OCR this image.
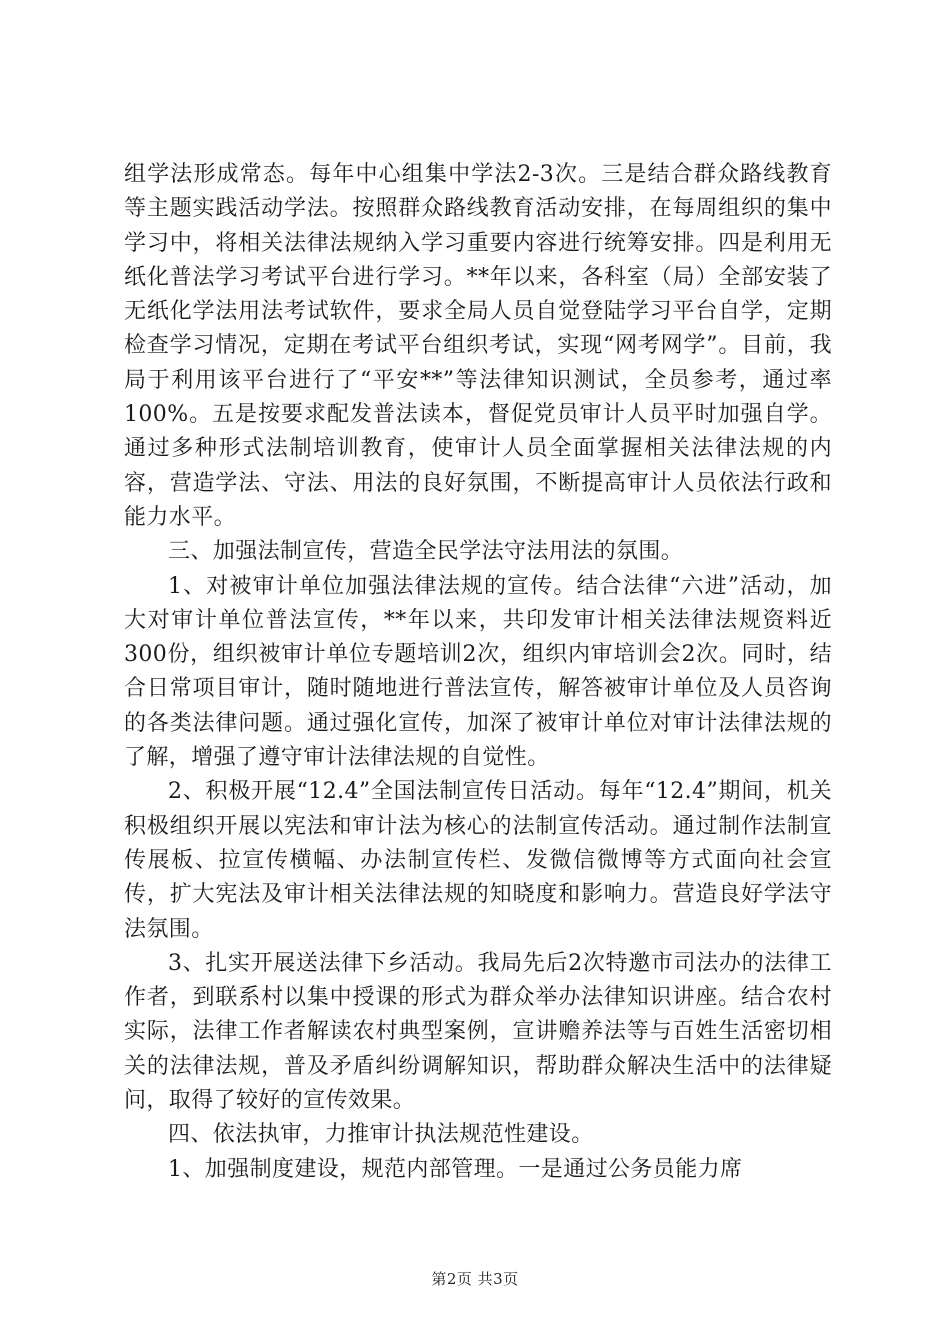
组学法形成常态。每年中心组集中学法2-3次。三是结合群众路线教育等主题实践活动学法。按照群众路线教育活动安排，在每周组织的集中学习中，将相关法律法规纳入学习重要内容进行统筹安排。四是利用无纸化普法学习考试平台进行学习。**年以来，各科室（局）全部安装了无纸化学法用法考试软件，要求全局人员自觉登陆学习平台自学，定期检查学习情况，定期在考试平台组织考试，实现“网考网学”。目前，我局于利用该平台进行了“平安**”等法律知识测试，全员参考，通过率100%。五是按要求配发普法读本，督促党员审计人员平时加强自学。通过多种形式法制培训教育，使审计人员全面掌握相关法律法规的内容，营造学法、守法、用法的良好氛围，不断提高审计人员依法行政和能力水平。

三、加强法制宣传，营造全民学法守法用法的氛围。

1、对被审计单位加强法律法规的宣传。结合法律“六进”活动，加大对审计单位普法宣传，**年以来，共印发审计相关法律法规资料近300份，组织被审计单位专题培训2次，组织内审培训会2次。同时，结合日常项目审计，随时随地进行普法宣传，解答被审计单位及人员咨询的各类法律问题。通过强化宣传，加深了被审计单位对审计法律法规的了解，增强了遵守审计法律法规的自觉性。

2、积极开展“12.4”全国法制宣传日活动。每年“12.4”期间，机关积极组织开展以宪法和审计法为核心的法制宣传活动。通过制作法制宣传展板、拉宣传横幅、办法制宣传栏、发微信微博等方式面向社会宣传，扩大宪法及审计相关法律法规的知晓度和影响力。营造良好学法守法氛围。

3、扎实开展送法律下乡活动。我局先后2次特邀市司法办的法律工作者，到联系村以集中授课的形式为群众举办法律知识讲座。结合农村实际，法律工作者解读农村典型案例，宣讲赡养法等与百姓生活密切相关的法律法规，普及矛盾纠纷调解知识，帮助群众解决生活中的法律疑问，取得了较好的宣传效果。

四、依法执审，力推审计执法规范性建设。

1、加强制度建设，规范内部管理。一是通过公务员能力席

第2页 共3页
